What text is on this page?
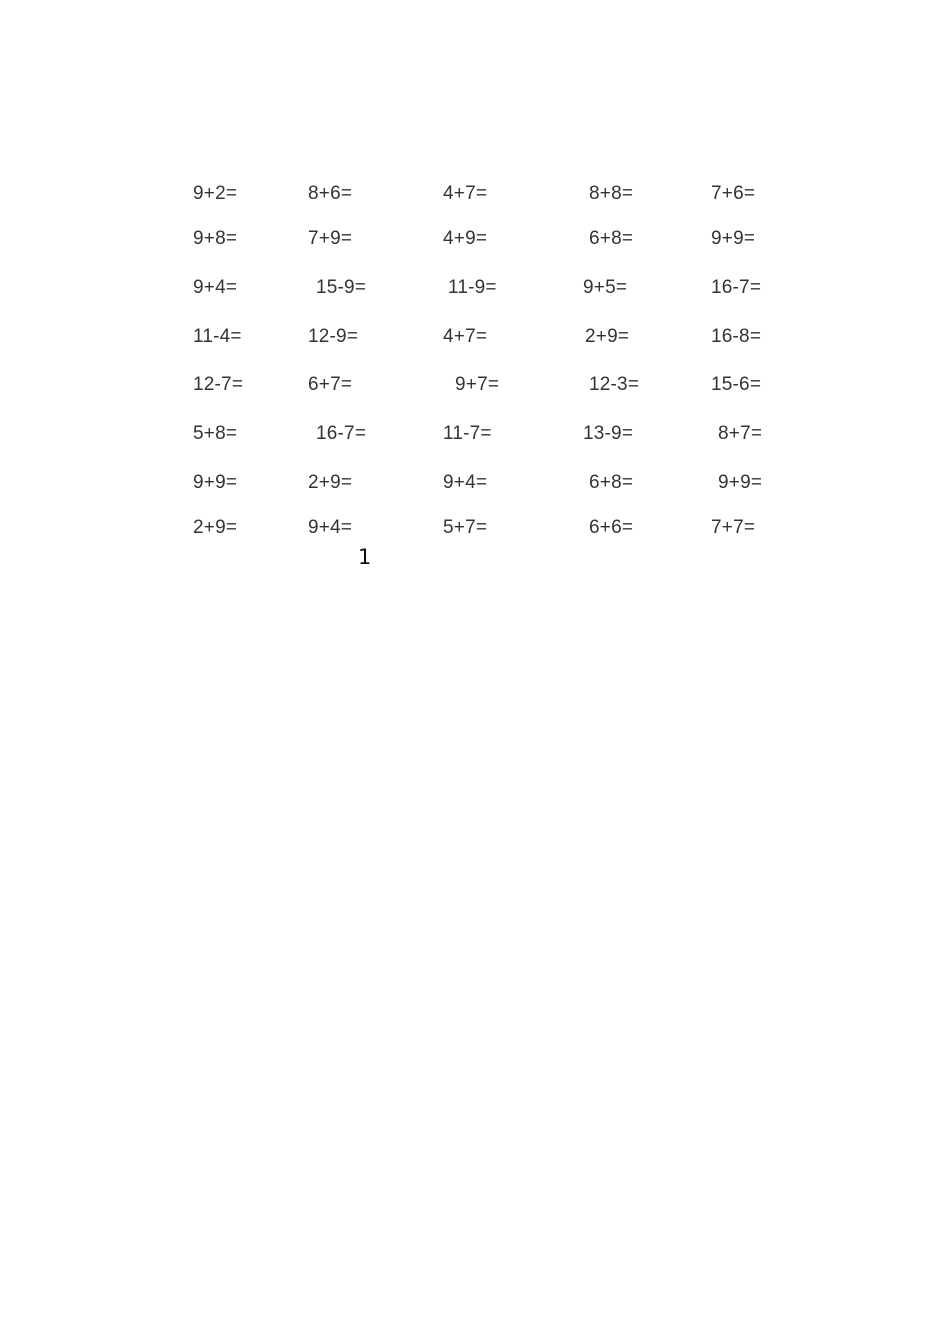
9+2=	8+6=	4+7=	8+8=	7+6=
9+8=	7+9=	4+9=	6+8=	9+9=
9+4=	15-9=	11-9=	9+5=	16-7=
11-4=	12-9=	4+7=	2+9=	16-8=
12-7=	6+7=	9+7=	12-3=	15-6=
5+8=	16-7=	11-7=	13-9=	8+7=
9+9=	2+9=	9+4=	6+8=	9+9=
2+9=	9+4=	5+7=	6+6=	7+7=
1
